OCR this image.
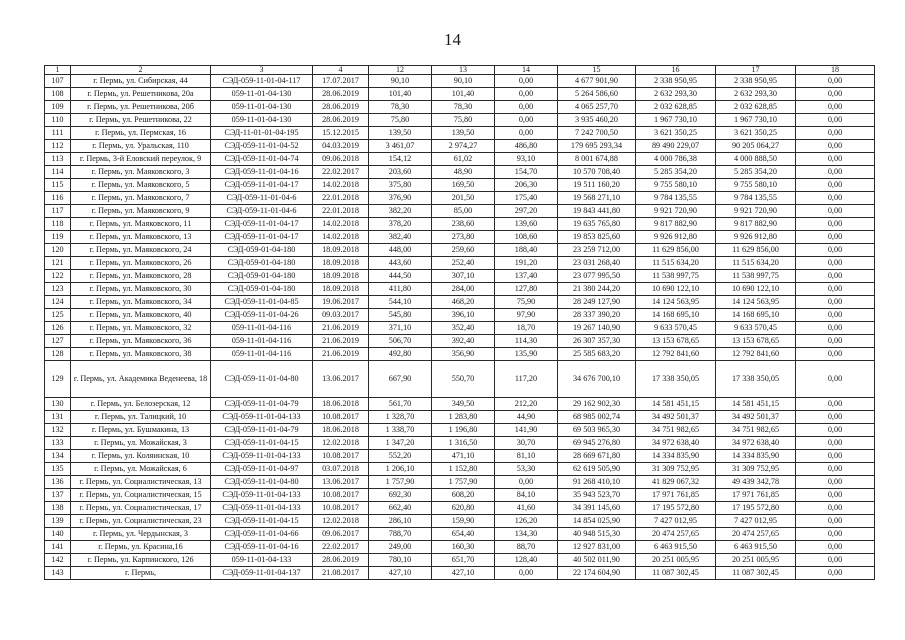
14
1	2	3	4	12	13	14	15	16	17	18
107	г. Пермь, ул. Сибирская, 44	СЭД-059-11-01-04-117	17.07.2017	90,10	90,10	0,00	4 677 901,90	2 338 950,95	2 338 950,95	0,00
108	г. Пермь, ул. Решетникова, 20а	059-11-01-04-130	28.06.2019	101,40	101,40	0,00	5 264 586,60	2 632 293,30	2 632 293,30	0,00
109	г. Пермь, ул. Решетникова, 20б	059-11-01-04-130	28.06.2019	78,30	78,30	0,00	4 065 257,70	2 032 628,85	2 032 628,85	0,00
110	г. Пермь, ул. Решетникова, 22	059-11-01-04-130	28.06.2019	75,80	75,80	0,00	3 935 460,20	1 967 730,10	1 967 730,10	0,00
111	г. Пермь, ул. Пермская, 16	СЭД-11-01-01-04-195	15.12.2015	139,50	139,50	0,00	7 242 700,50	3 621 350,25	3 621 350,25	0,00
112	г. Пермь, ул. Уральская, 110	СЭД-059-11-01-04-52	04.03.2019	3 461,07	2 974,27	486,80	179 695 293,34	89 490 229,07	90 205 064,27	0,00
113	г. Пермь, 3-й Еловский переулок, 9	СЭД-059-11-01-04-74	09.06.2018	154,12	61,02	93,10	8 001 674,88	4 000 786,38	4 000 888,50	0,00
114	г. Пермь, ул. Маяковского, 3	СЭД-059-11-01-04-16	22.02.2017	203,60	48,90	154,70	10 570 708,40	5 285 354,20	5 285 354,20	0,00
115	г. Пермь, ул. Маяковского, 5	СЭД-059-11-01-04-17	14.02.2018	375,80	169,50	206,30	19 511 160,20	9 755 580,10	9 755 580,10	0,00
116	г. Пермь, ул. Маяковского, 7	СЭД-059-11-01-04-6	22.01.2018	376,90	201,50	175,40	19 568 271,10	9 784 135,55	9 784 135,55	0,00
117	г. Пермь, ул. Маяковского, 9	СЭД-059-11-01-04-6	22.01.2018	382,20	85,00	297,20	19 843 441,80	9 921 720,90	9 921 720,90	0,00
118	г. Пермь, ул. Маяковского, 11	СЭД-059-11-01-04-17	14.02.2018	378,20	238,60	139,60	19 635 765,80	9 817 882,90	9 817 882,90	0,00
119	г. Пермь, ул. Маяковского, 13	СЭД-059-11-01-04-17	14.02.2018	382,40	273,80	108,60	19 853 825,60	9 926 912,80	9 926 912,80	0,00
120	г. Пермь, ул. Маяковского, 24	СЭД-059-01-04-180	18.09.2018	448,00	259,60	188,40	23 259 712,00	11 629 856,00	11 629 856,00	0,00
121	г. Пермь, ул. Маяковского, 26	СЭД-059-01-04-180	18.09.2018	443,60	252,40	191,20	23 031 268,40	11 515 634,20	11 515 634,20	0,00
122	г. Пермь, ул. Маяковского, 28	СЭД-059-01-04-180	18.09.2018	444,50	307,10	137,40	23 077 995,50	11 538 997,75	11 538 997,75	0,00
123	г. Пермь, ул. Маяковского, 30	СЭД-059-01-04-180	18.09.2018	411,80	284,00	127,80	21 380 244,20	10 690 122,10	10 690 122,10	0,00
124	г. Пермь, ул. Маяковского, 34	СЭД-059-11-01-04-85	19.06.2017	544,10	468,20	75,90	28 249 127,90	14 124 563,95	14 124 563,95	0,00
125	г. Пермь, ул. Маяковского, 40	СЭД-059-11-01-04-26	09.03.2017	545,80	396,10	97,90	28 337 390,20	14 168 695,10	14 168 695,10	0,00
126	г. Пермь, ул. Маяковского, 32	059-11-01-04-116	21.06.2019	371,10	352,40	18,70	19 267 140,90	9 633 570,45	9 633 570,45	0,00
127	г. Пермь, ул. Маяковского, 36	059-11-01-04-116	21.06.2019	506,70	392,40	114,30	26 307 357,30	13 153 678,65	13 153 678,65	0,00
128	г. Пермь, ул. Маяковского, 38	059-11-01-04-116	21.06.2019	492,80	356,90	135,90	25 585 683,20	12 792 841,60	12 792 841,60	0,00
129	г. Пермь, ул. Академика Веденеева, 18	СЭД-059-11-01-04-80	13.06.2017	667,90	550,70	117,20	34 676 700,10	17 338 350,05	17 338 350,05	0,00
130	г. Пермь, ул. Белозерская, 12	СЭД-059-11-01-04-79	18.06.2018	561,70	349,50	212,20	29 162 902,30	14 581 451,15	14 581 451,15	0,00
131	г. Пермь, ул. Талицкий, 10	СЭД-059-11-01-04-133	10.08.2017	1 328,70	1 283,80	44,90	68 985 002,74	34 492 501,37	34 492 501,37	0,00
132	г. Пермь, ул. Бушмакина, 13	СЭД-059-11-01-04-79	18.06.2018	1 338,70	1 196,80	141,90	69 503 965,30	34 751 982,65	34 751 982,65	0,00
133	г. Пермь, ул. Можайская, 3	СЭД-059-11-01-04-15	12.02.2018	1 347,20	1 316,50	30,70	69 945 276,80	34 972 638,40	34 972 638,40	0,00
134	г. Пермь, ул. Коляинская, 10	СЭД-059-11-01-04-133	10.08.2017	552,20	471,10	81,10	28 669 671,80	14 334 835,90	14 334 835,90	0,00
135	г. Пермь, ул. Можайская, 6	СЭД-059-11-01-04-97	03.07.2018	1 206,10	1 152,80	53,30	62 619 505,90	31 309 752,95	31 309 752,95	0,00
136	г. Пермь, ул. Социалистическая, 13	СЭД-059-11-01-04-80	13.06.2017	1 757,90	1 757,90	0,00	91 268 410,10	41 829 067,32	49 439 342,78	0,00
137	г. Пермь, ул. Социалистическая, 15	СЭД-059-11-01-04-133	10.08.2017	692,30	608,20	84,10	35 943 523,70	17 971 761,85	17 971 761,85	0,00
138	г. Пермь, ул. Социалистическая, 17	СЭД-059-11-01-04-133	10.08.2017	662,40	620,80	41,60	34 391 145,60	17 195 572,80	17 195 572,80	0,00
139	г. Пермь, ул. Социалистическая, 23	СЭД-059-11-01-04-15	12.02.2018	286,10	159,90	126,20	14 854 025,90	7 427 012,95	7 427 012,95	0,00
140	г. Пермь, ул. Чердынская, 3	СЭД-059-11-01-04-66	09.06.2017	788,70	654,40	134,30	40 948 515,30	20 474 257,65	20 474 257,65	0,00
141	г. Пермь, ул. Красина,16	СЭД-059-11-01-04-16	22.02.2017	249,00	160,30	88,70	12 927 831,00	6 463 915,50	6 463 915,50	0,00
142	г. Пермь, ул. Карпинского, 126	059-11-01-04-133	28.06.2019	780,10	651,70	128,40	40 502 011,90	20 251 005,95	20 251 005,95	0,00
143	г. Пермь,	СЭД-059-11-01-04-137	21.08.2017	427,10	427,10	0,00	22 174 604,90	11 087 302,45	11 087 302,45	0,00
